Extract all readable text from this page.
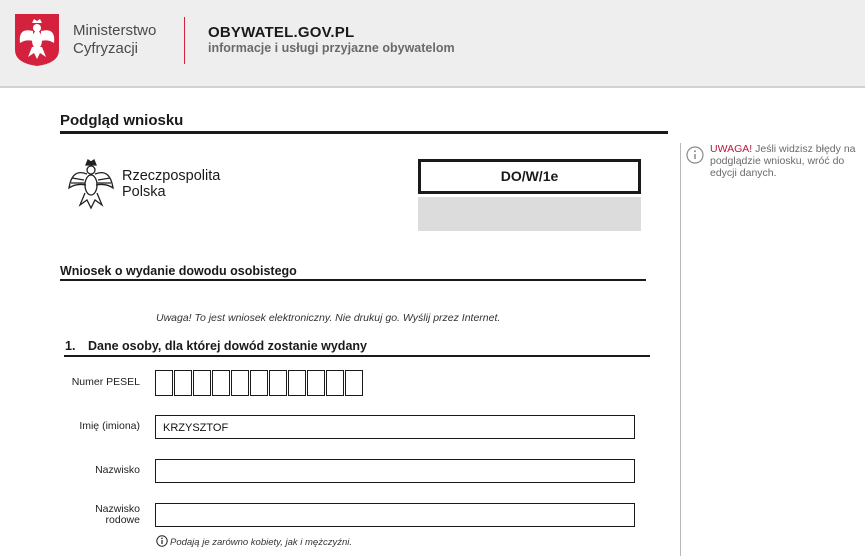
Ministerstwo Cyfryzacji
OBYWATEL.GOV.PL
informacje i usługi przyjazne obywatelom
Podgląd wniosku
Rzeczpospolita Polska
DO/W/1e
Wniosek o wydanie dowodu osobistego
Uwaga! To jest wniosek elektroniczny. Nie drukuj go. Wyślij przez Internet.
1. Dane osoby, dla której dowód zostanie wydany
Numer PESEL
Imię (imiona)	KRZYSZTOF
Nazwisko
Nazwisko rodowe
Podają je zarówno kobiety, jak i mężczyźni.
UWAGA! Jeśli widzisz błędy na podglądzie wniosku, wróć do edycji danych.
